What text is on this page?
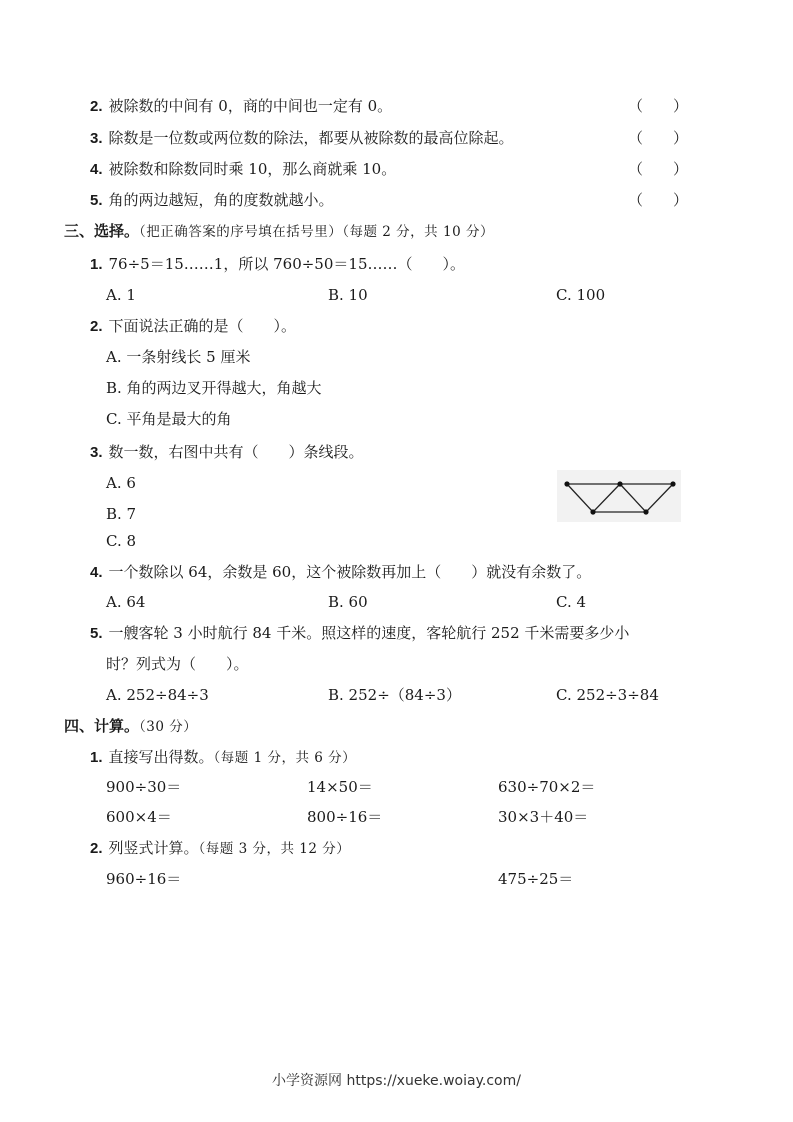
2. 被除数的中间有 0，商的中间也一定有 0。	（　　）
3. 除数是一位数或两位数的除法，都要从被除数的最高位除起。	（　　）
4. 被除数和除数同时乘 10，那么商就乘 10。	（　　）
5. 角的两边越短，角的度数就越小。	（　　）
三、选择。（把正确答案的序号填在括号里）（每题 2 分，共 10 分）
1. 76÷5＝15……1，所以 760÷50＝15……（　　）。
A. 1	B. 10	C. 100
2. 下面说法正确的是（　　）。
A. 一条射线长 5 厘米
B. 角的两边叉开得越大，角越大
C. 平角是最大的角
3. 数一数，右图中共有（　　）条线段。
A. 6
B. 7
C. 8
4. 一个数除以 64，余数是 60，这个被除数再加上（　　）就没有余数了。
A. 64	B. 60	C. 4
5. 一艘客轮 3 小时航行 84 千米。照这样的速度，客轮航行 252 千米需要多少小
时？列式为（　　）。
A. 252÷84÷3	B. 252÷（84÷3）	C. 252÷3÷84
四、计算。（30 分）
1. 直接写出得数。（每题 1 分，共 6 分）
900÷30＝	14×50＝	630÷70×2＝
600×4＝	800÷16＝	30×3＋40＝
2. 列竖式计算。（每题 3 分，共 12 分）
960÷16＝	475÷25＝
小学资源网 https://xueke.woiay.com/
